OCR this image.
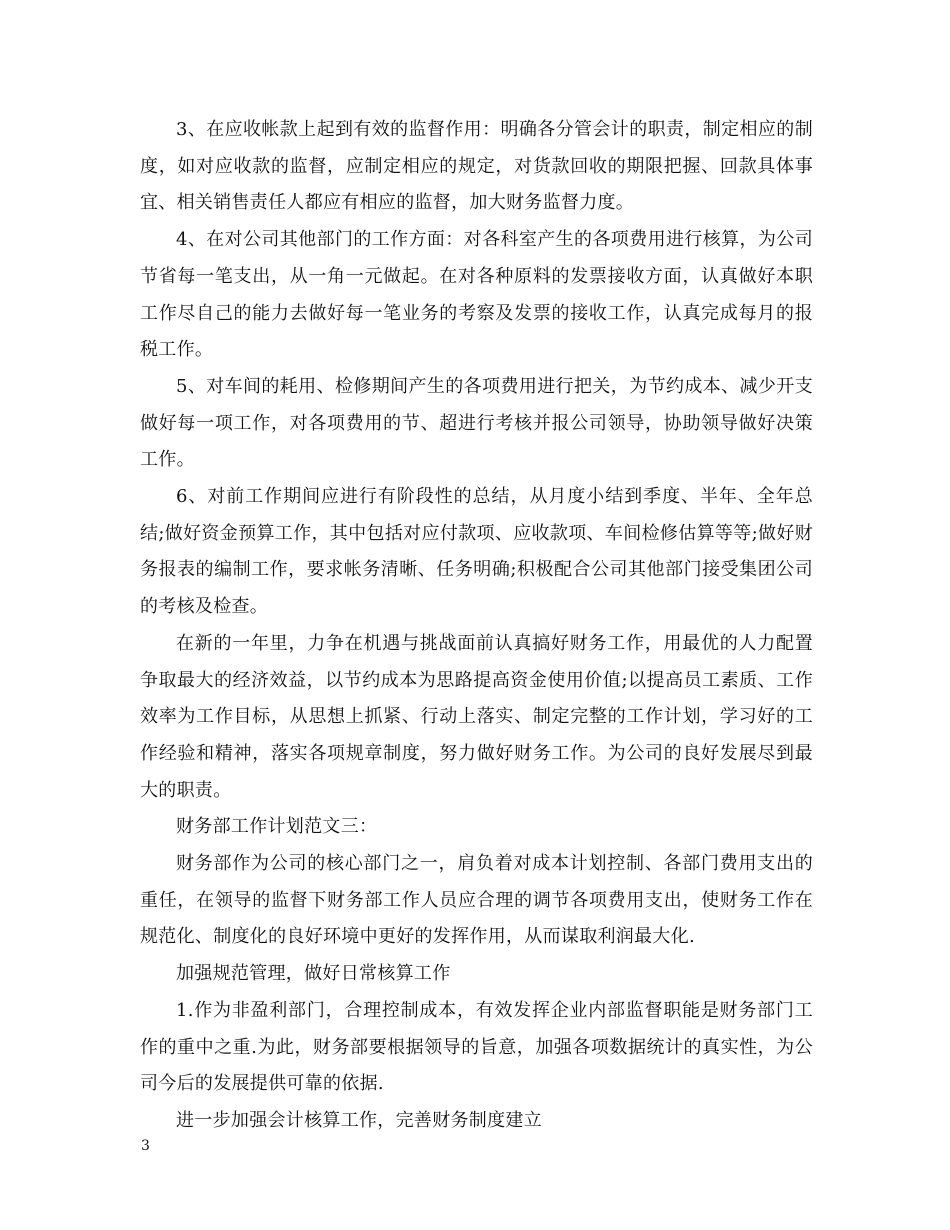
3、在应收帐款上起到有效的监督作用：明确各分管会计的职责，制定相应的制度，如对应收款的监督，应制定相应的规定，对货款回收的期限把握、回款具体事宜、相关销售责任人都应有相应的监督，加大财务监督力度。

4、在对公司其他部门的工作方面：对各科室产生的各项费用进行核算，为公司节省每一笔支出，从一角一元做起。在对各种原料的发票接收方面，认真做好本职工作尽自己的能力去做好每一笔业务的考察及发票的接收工作，认真完成每月的报税工作。

5、对车间的耗用、检修期间产生的各项费用进行把关，为节约成本、减少开支做好每一项工作，对各项费用的节、超进行考核并报公司领导，协助领导做好决策工作。

6、对前工作期间应进行有阶段性的总结，从月度小结到季度、半年、全年总结;做好资金预算工作，其中包括对应付款项、应收款项、车间检修估算等等;做好财务报表的编制工作，要求帐务清晰、任务明确;积极配合公司其他部门接受集团公司的考核及检查。

在新的一年里，力争在机遇与挑战面前认真搞好财务工作，用最优的人力配置争取最大的经济效益，以节约成本为思路提高资金使用价值;以提高员工素质、工作效率为工作目标，从思想上抓紧、行动上落实、制定完整的工作计划，学习好的工作经验和精神，落实各项规章制度，努力做好财务工作。为公司的良好发展尽到最大的职责。

财务部工作计划范文三：

财务部作为公司的核心部门之一，肩负着对成本计划控制、各部门费用支出的重任，在领导的监督下财务部工作人员应合理的调节各项费用支出，使财务工作在规范化、制度化的良好环境中更好的发挥作用，从而谋取利润最大化.

加强规范管理，做好日常核算工作

1.作为非盈利部门，合理控制成本，有效发挥企业内部监督职能是财务部门工作的重中之重.为此，财务部要根据领导的旨意，加强各项数据统计的真实性，为公司今后的发展提供可靠的依据.

进一步加强会计核算工作，完善财务制度建立

3
